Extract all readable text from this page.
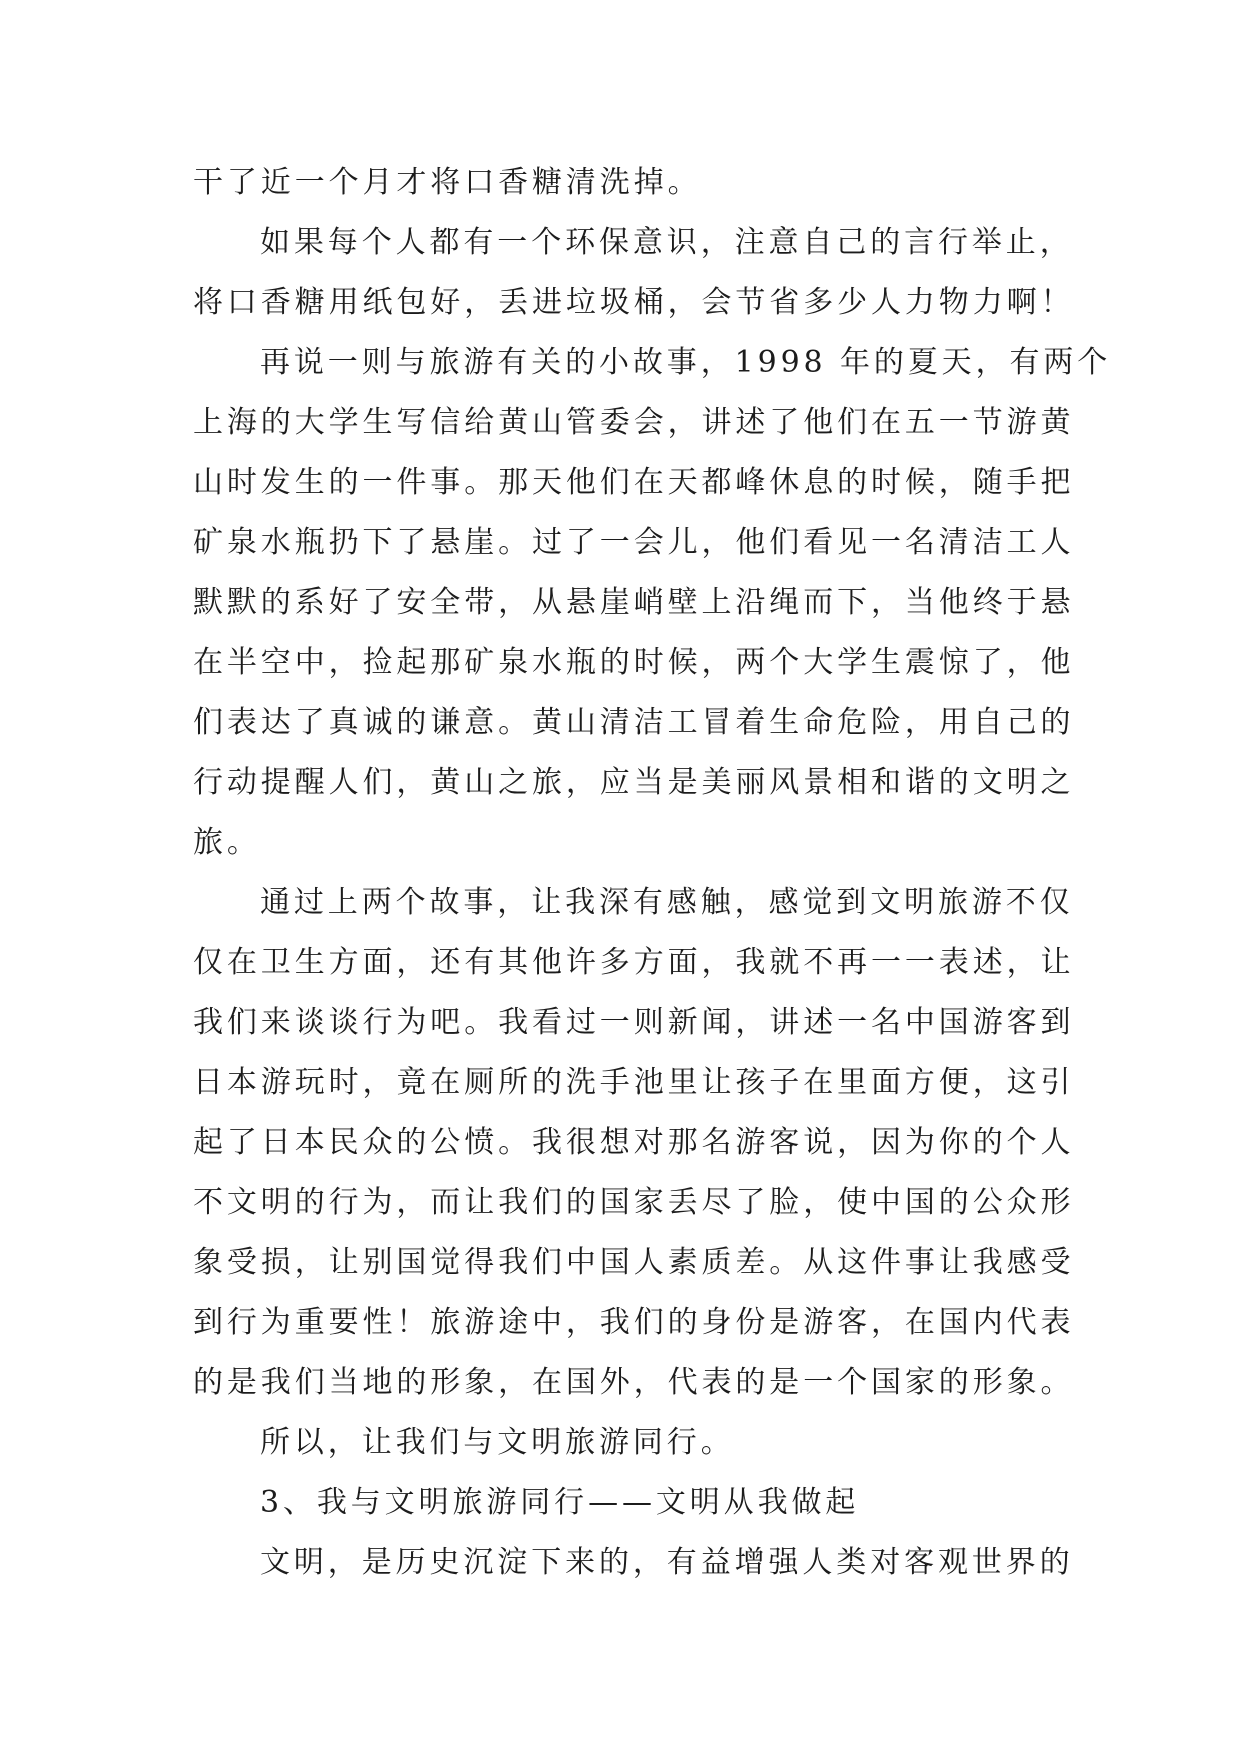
干了近一个月才将口香糖清洗掉。
如果每个人都有一个环保意识，注意自己的言行举止，
将口香糖用纸包好，丢进垃圾桶，会节省多少人力物力啊！
再说一则与旅游有关的小故事，1998 年的夏天，有两个
上海的大学生写信给黄山管委会，讲述了他们在五一节游黄
山时发生的一件事。那天他们在天都峰休息的时候，随手把
矿泉水瓶扔下了悬崖。过了一会儿，他们看见一名清洁工人
默默的系好了安全带，从悬崖峭壁上沿绳而下，当他终于悬
在半空中，捡起那矿泉水瓶的时候，两个大学生震惊了，他
们表达了真诚的谦意。黄山清洁工冒着生命危险，用自己的
行动提醒人们，黄山之旅，应当是美丽风景相和谐的文明之
旅。
通过上两个故事，让我深有感触，感觉到文明旅游不仅
仅在卫生方面，还有其他许多方面，我就不再一一表述，让
我们来谈谈行为吧。我看过一则新闻，讲述一名中国游客到
日本游玩时，竟在厕所的洗手池里让孩子在里面方便，这引
起了日本民众的公愤。我很想对那名游客说，因为你的个人
不文明的行为，而让我们的国家丢尽了脸，使中国的公众形
象受损，让别国觉得我们中国人素质差。从这件事让我感受
到行为重要性！旅游途中，我们的身份是游客，在国内代表
的是我们当地的形象，在国外，代表的是一个国家的形象。
所以，让我们与文明旅游同行。
3、我与文明旅游同行——文明从我做起
文明，是历史沉淀下来的，有益增强人类对客观世界的
